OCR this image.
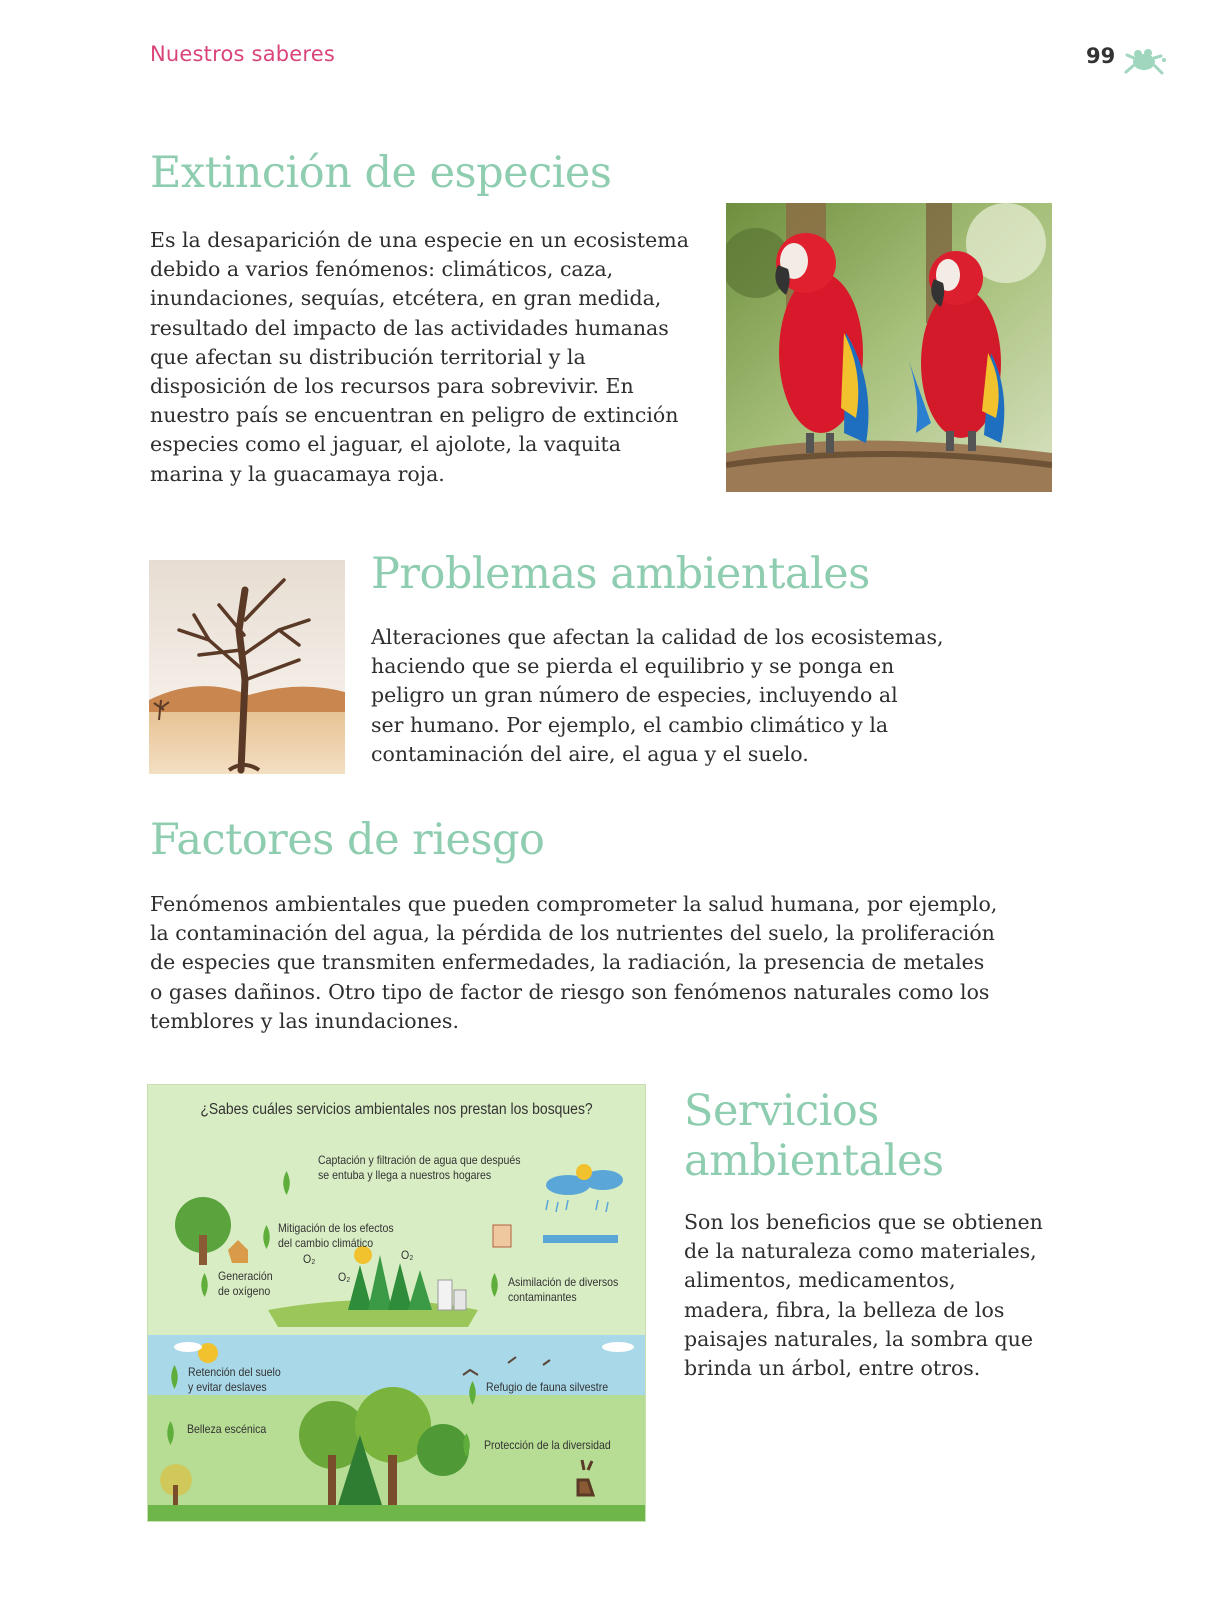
Nuestros saberes	99
Extinción de especies

Es la desaparición de una especie en un ecosistema

debido a varios fenómenos: climáticos, caza,

inundaciones, sequías, etcétera, en gran medida,

resultado del impacto de las actividades humanas

que afectan su distribución territorial y la

disposición de los recursos para sobrevivir. En

nuestro país se encuentran en peligro de extinción

especies como el jaguar, el ajolote, la vaquita

marina y la guacamaya roja.

Problemas ambientales

Alteraciones que afectan la calidad de los ecosistemas,

haciendo que se pierda el equilibrio y se ponga en

peligro un gran número de especies, incluyendo al

ser humano. Por ejemplo, el cambio climático y la

contaminación del aire, el agua y el suelo.

Factores de riesgo

Fenómenos ambientales que pueden comprometer la salud humana, por ejemplo,

la contaminación del agua, la pérdida de los nutrientes del suelo, la proliferación

de especies que transmiten enfermedades, la radiación, la presencia de metales

o gases dañinos. Otro tipo de factor de riesgo son fenómenos naturales como los

temblores y las inundaciones.

¿Sabes cuáles servicios ambientales nos prestan los bosques?
Captación y filtración de agua que después
se entuba y llega a nuestros hogares
Mitigación de los efectos
del cambio climático
O₂
O₂
O₂
Generación
de oxígeno
Asimilación de diversos
contaminantes
Retención del suelo
y evitar deslaves	Refugio de fauna silvestre
Belleza escénica
Protección de la diversidad
Servicios
ambientales

Son los beneficios que se obtienen

de la naturaleza como materiales,

alimentos, medicamentos,

madera, fibra, la belleza de los

paisajes naturales, la sombra que

brinda un árbol, entre otros.
